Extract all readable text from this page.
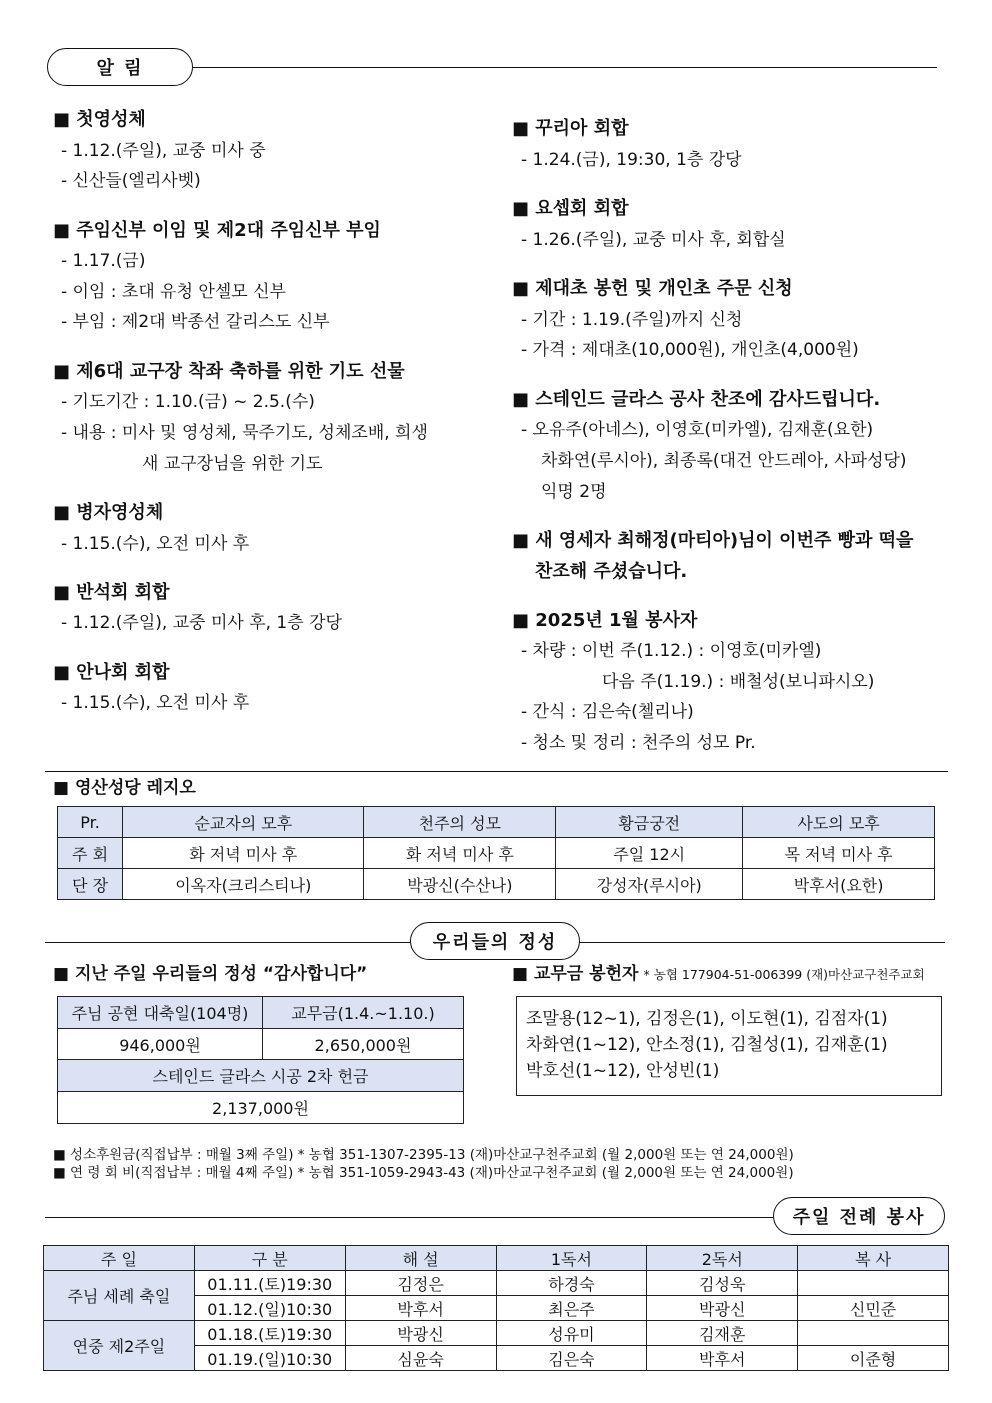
알 림
■ 첫영성체
- 1.12.(주일), 교중 미사 중
- 신산들(엘리사벳)
■ 주임신부 이임 및 제2대 주임신부 부임
- 1.17.(금)
- 이임 : 초대 유청 안셀모 신부
- 부임 : 제2대 박종선 갈리스도 신부
■ 제6대 교구장 착좌 축하를 위한 기도 선물
- 기도기간 : 1.10.(금) ~ 2.5.(수)
- 내용 : 미사 및 영성체, 묵주기도, 성체조배, 희생
새 교구장님을 위한 기도
■ 병자영성체
- 1.15.(수), 오전 미사 후
■ 반석회 회합
- 1.12.(주일), 교중 미사 후, 1층 강당
■ 안나회 회합
- 1.15.(수), 오전 미사 후
■ 꾸리아 회합
- 1.24.(금), 19:30, 1층 강당
■ 요셉회 회합
- 1.26.(주일), 교중 미사 후, 회합실
■ 제대초 봉헌 및 개인초 주문 신청
- 기간 : 1.19.(주일)까지 신청
- 가격 : 제대초(10,000원), 개인초(4,000원)
■ 스테인드 글라스 공사 찬조에 감사드립니다.
- 오유주(아네스), 이영호(미카엘), 김재훈(요한)
차화연(루시아), 최종록(대건 안드레아, 사파성당)
익명 2명
■ 새 영세자 최해정(마티아)님이 이번주 빵과 떡을
찬조해 주셨습니다.
■ 2025년 1월 봉사자
- 차량 : 이번 주(1.12.) : 이영호(미카엘)
다음 주(1.19.) : 배철성(보니파시오)
- 간식 : 김은숙(첼리나)
- 청소 및 정리 : 천주의 성모 Pr.
■ 영산성당 레지오
Pr.	순교자의 모후	천주의 성모	황금궁전	사도의 모후
주 회	화 저녁 미사 후	화 저녁 미사 후	주일 12시	목 저녁 미사 후
단 장	이옥자(크리스티나)	박광신(수산나)	강성자(루시아)	박후서(요한)
우리들의 정성
■ 지난 주일 우리들의 정성 “감사합니다”
주님 공현 대축일(104명)	교무금(1.4.~1.10.)
946,000원	2,650,000원
스테인드 글라스 시공 2차 헌금	
2,137,000원	
■ 교무금 봉헌자 * 농협 177904-51-006399 (재)마산교구천주교회
조말용(12~1), 김정은(1), 이도현(1), 김점자(1)
차화연(1~12), 안소정(1), 김철성(1), 김재훈(1)
박호선(1~12), 안성빈(1)
■ 성소후원금(직접납부 : 매월 3째 주일) * 농협 351-1307-2395-13 (재)마산교구천주교회 (월 2,000원 또는 연 24,000원)
■ 연 령 회 비(직접납부 : 매월 4째 주일) * 농협 351-1059-2943-43 (재)마산교구천주교회 (월 2,000원 또는 연 24,000원)
주일 전례 봉사
주 일	구 분	해 설	1독서	2독서	복 사
주님 세례 축일	01.11.(토)19:30	김정은	하경숙	김성욱	
	01.12.(일)10:30	박후서	최은주	박광신	신민준
연중 제2주일	01.18.(토)19:30	박광신	성유미	김재훈	
	01.19.(일)10:30	심윤숙	김은숙	박후서	이준형
